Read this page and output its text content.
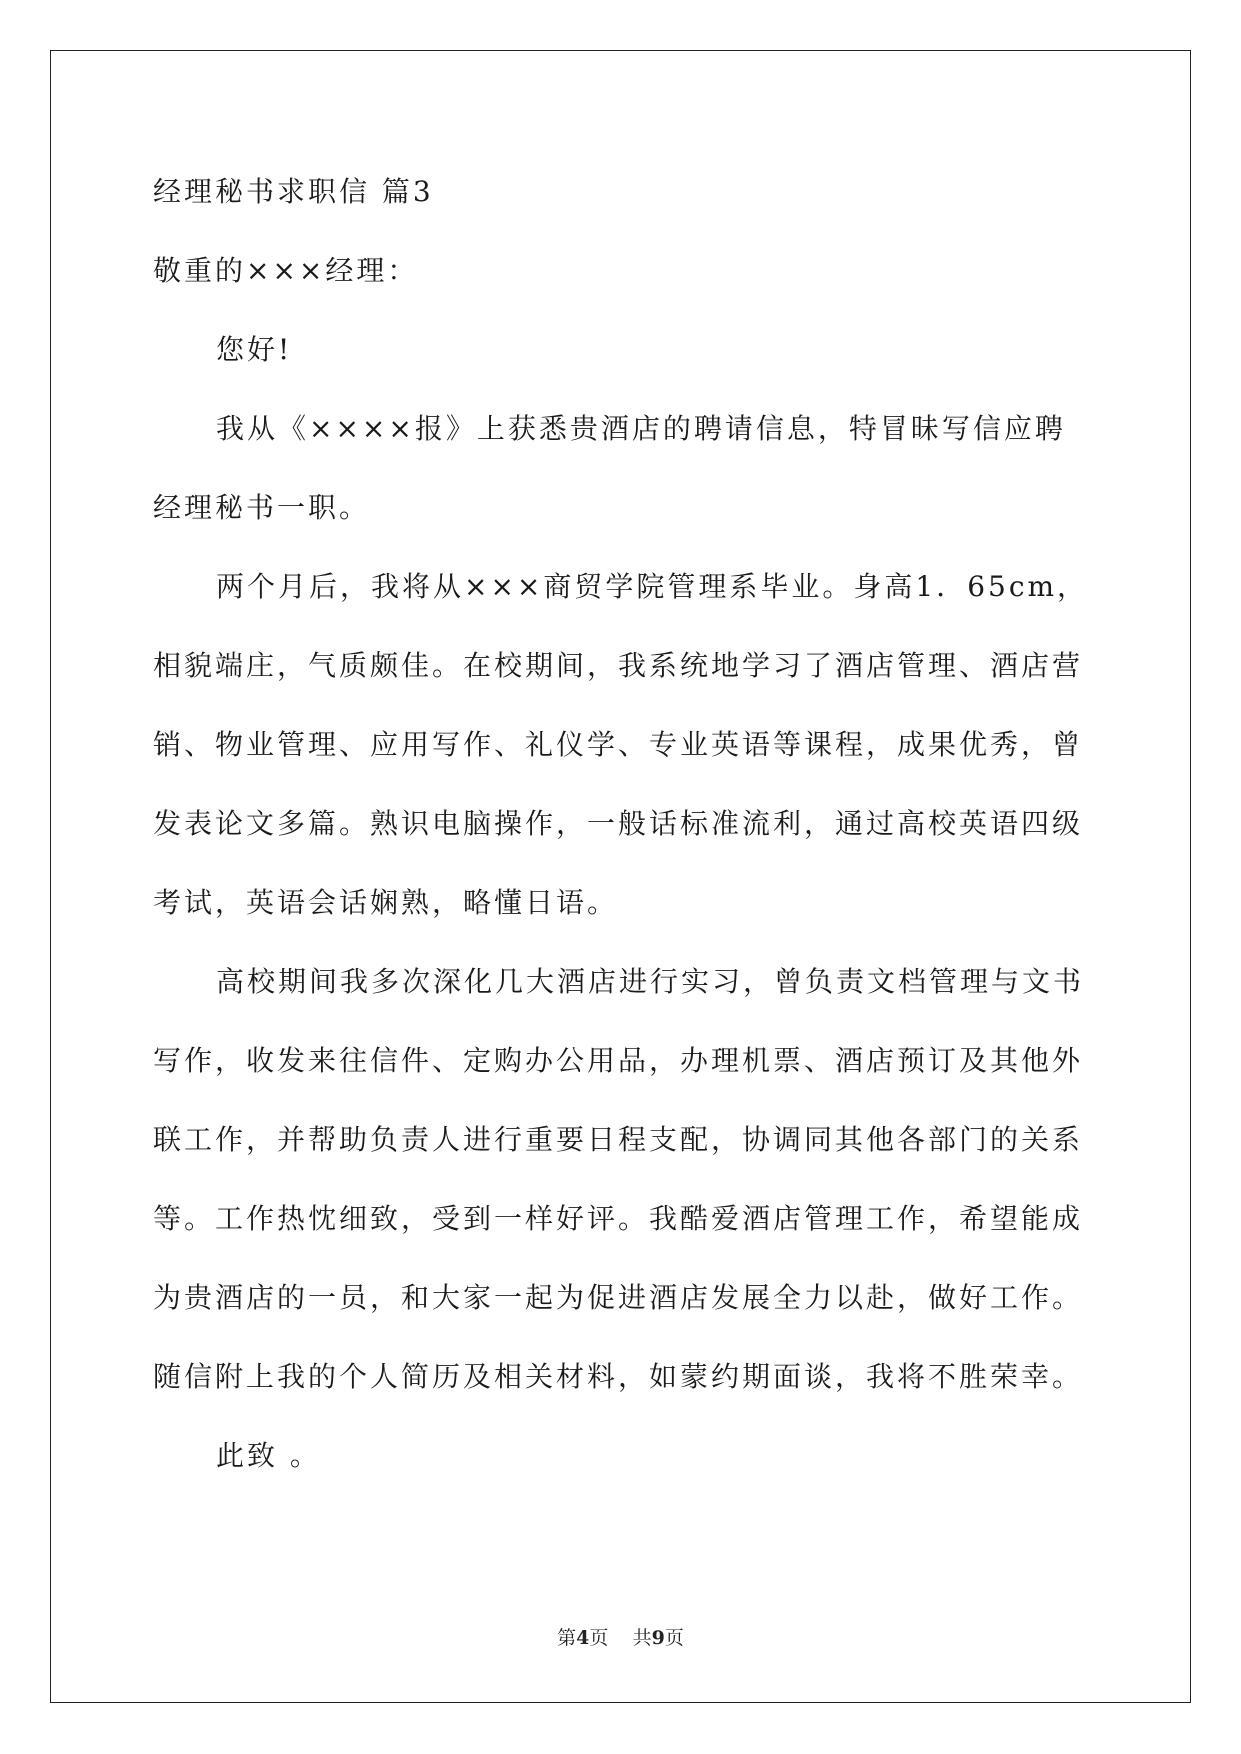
经理秘书求职信 篇3
敬重的×××经理：
您好!
我从《××××报》上获悉贵酒店的聘请信息，特冒昧写信应聘
经理秘书一职。
两个月后，我将从×××商贸学院管理系毕业。身高1．65cm，
相貌端庄，气质颇佳。在校期间，我系统地学习了酒店管理、酒店营
销、物业管理、应用写作、礼仪学、专业英语等课程，成果优秀，曾
发表论文多篇。熟识电脑操作，一般话标准流利，通过高校英语四级
考试，英语会话娴熟，略懂日语。
高校期间我多次深化几大酒店进行实习，曾负责文档管理与文书
写作，收发来往信件、定购办公用品，办理机票、酒店预订及其他外
联工作，并帮助负责人进行重要日程支配，协调同其他各部门的关系
等。工作热忱细致，受到一样好评。我酷爱酒店管理工作，希望能成
为贵酒店的一员，和大家一起为促进酒店发展全力以赴，做好工作。
随信附上我的个人简历及相关材料，如蒙约期面谈，我将不胜荣幸。
此致 。
第4页 共9页
